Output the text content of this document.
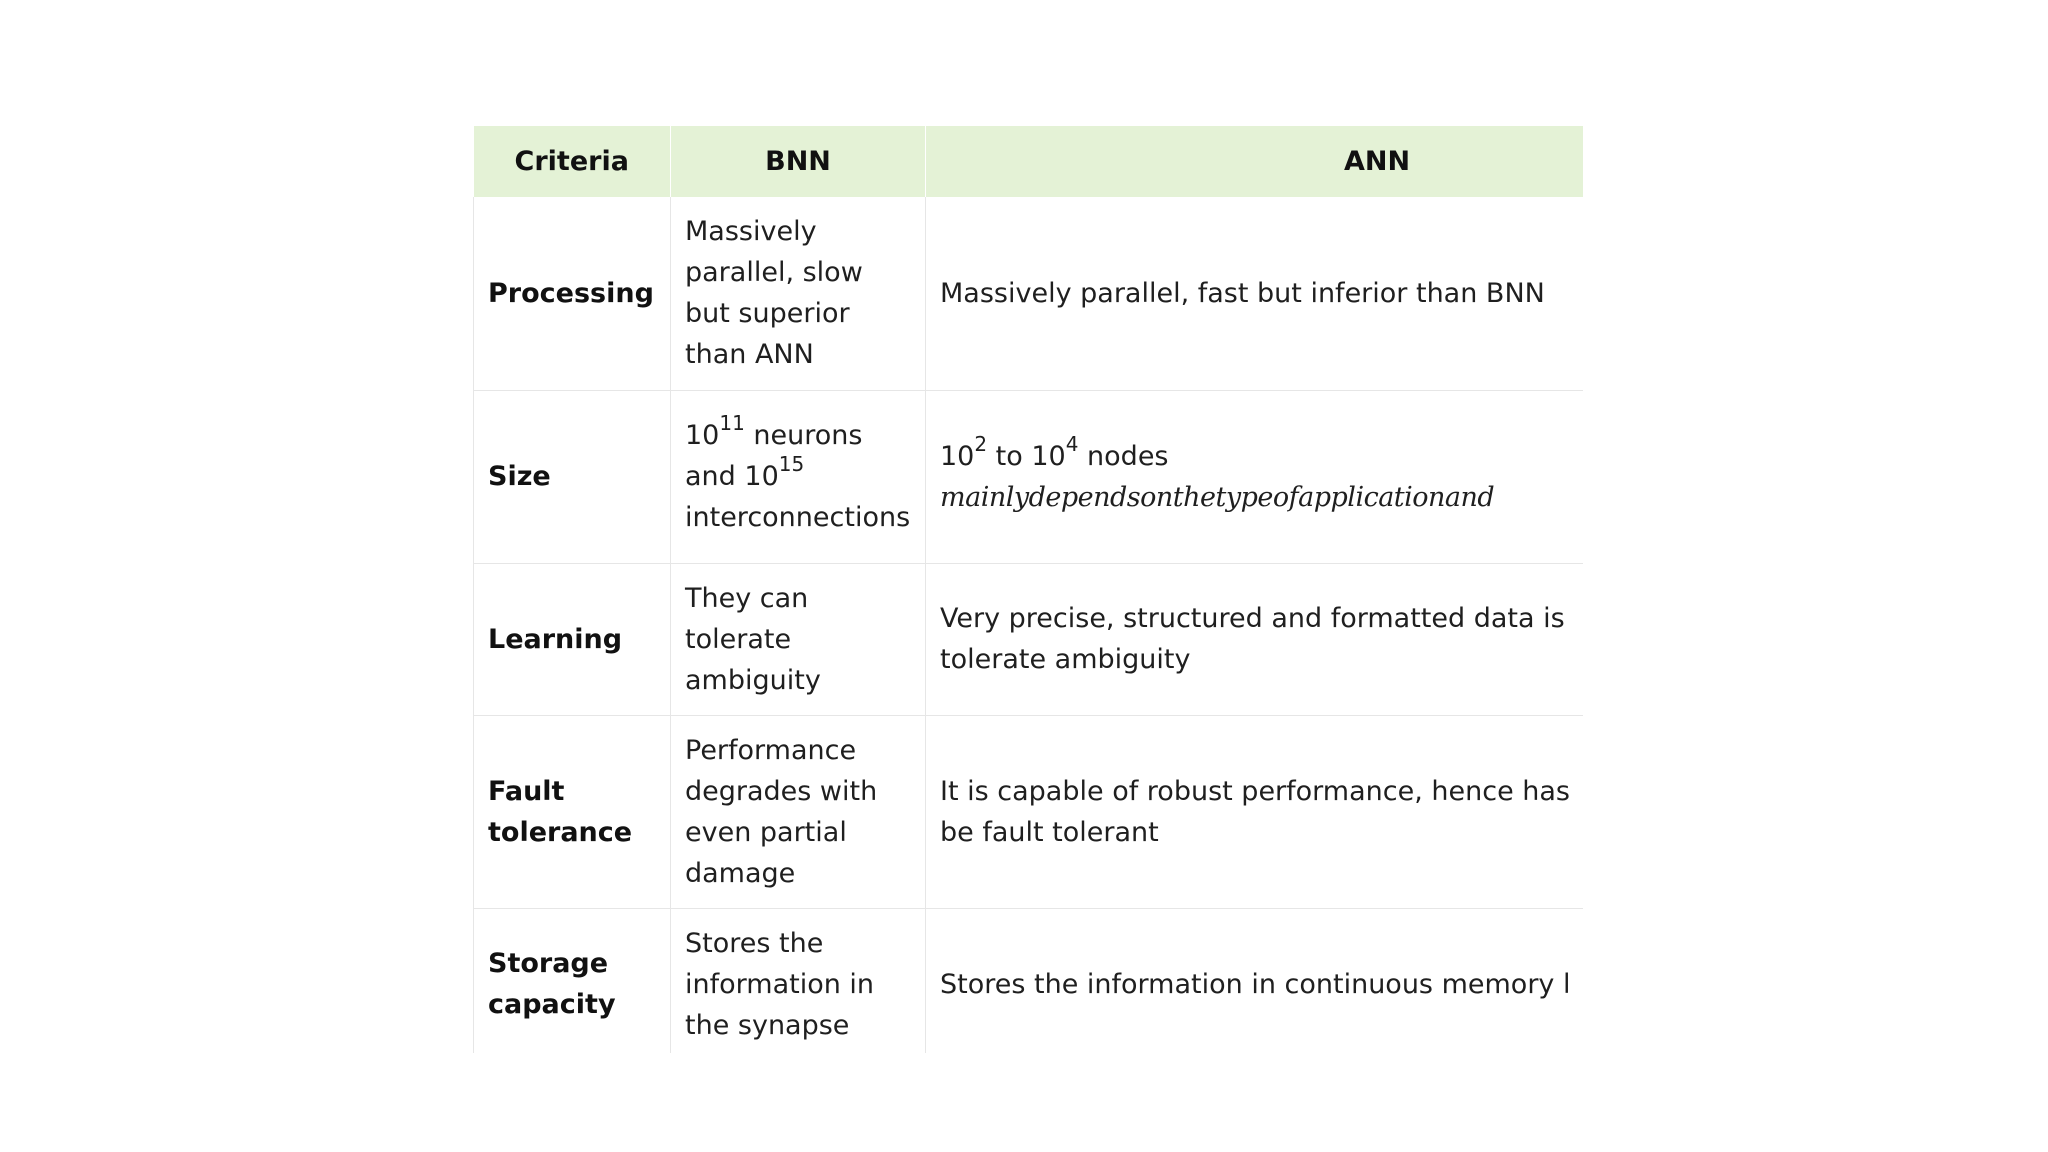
Criteria	BNN	ANN
Processing	Massively parallel, slow but superior than ANN	Massively parallel, fast but inferior than BNN

Size	$10^{11}$ neurons and $10^{15}$ interconnections	$10^2$ to $10^4$ nodes
mainlydependsonthetypeofapplicationand

Learning	They can tolerate ambiguity	Very precise, structured and formatted data is
tolerate ambiguity

Fault tolerance	Performance degrades with even partial damage	It is capable of robust performance, hence has
be fault tolerant

Storage capacity	Stores the information in the synapse	Stores the information in continuous memory l
